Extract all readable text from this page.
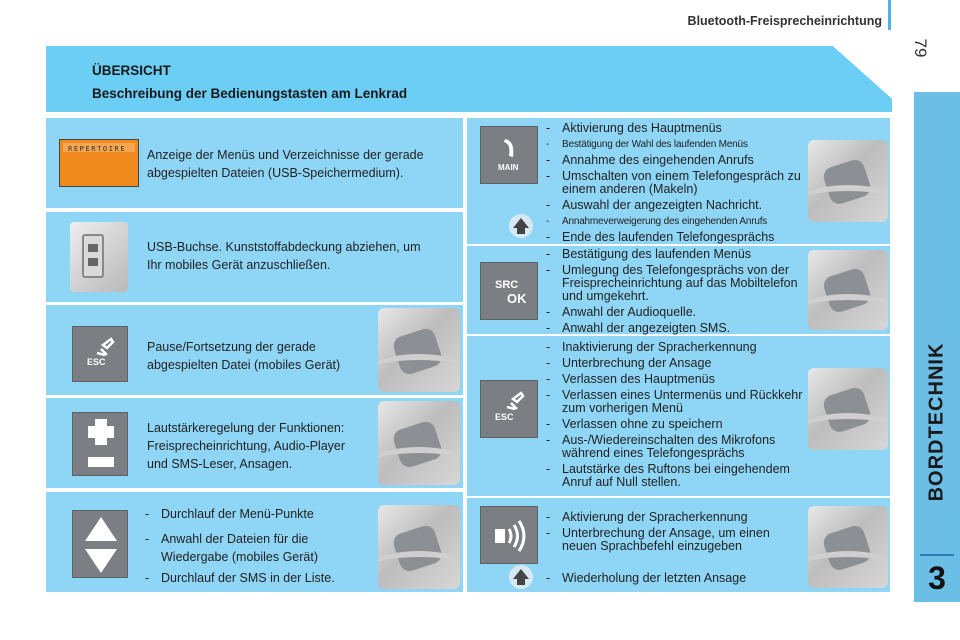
Bluetooth-Freisprecheinrichtung
79
BORDTECHNIK
3
ÜBERSICHT
Beschreibung der Bedienungstasten am Lenkrad
REPERTOIRE Anzeige der Menüs und Verzeichnisse der gerade
abgespielten Dateien (USB-Speichermedium).
USB-Buchse. Kunststoffabdeckung abziehen, um
Ihr mobiles Gerät anzuschließen.
ESC
Pause/Fortsetzung der gerade
abgespielten Datei (mobiles Gerät)
Lautstärkeregelung der Funktionen:
Freisprecheinrichtung, Audio-Player
und SMS-Leser, Ansagen.
- Durchlauf der Menü-Punkte
- Anwahl der Dateien für die Wiedergabe (mobiles Gerät)
- Durchlauf der SMS in der Liste.
MAIN
- Aktivierung des Hauptmenüs
- Bestätigung der Wahl des laufenden Menüs
- Annahme des eingehenden Anrufs
- Umschalten von einem Telefongespräch zu einem anderen (Makeln)
- Auswahl der angezeigten Nachricht.
- Annahmeverweigerung des eingehenden Anrufs
- Ende des laufenden Telefongesprächs
SRC
OK
- Bestätigung des laufenden Menüs
- Umlegung des Telefongesprächs von der Freisprecheinrichtung auf das Mobiltelefon und umgekehrt.
- Anwahl der Audioquelle.
- Anwahl der angezeigten SMS.
ESC
- Inaktivierung der Spracherkennung
- Unterbrechung der Ansage
- Verlassen des Hauptmenüs
- Verlassen eines Untermenüs und Rückkehr zum vorherigen Menü
- Verlassen ohne zu speichern
- Aus-/Wiedereinschalten des Mikrofons während eines Telefongesprächs
- Lautstärke des Ruftons bei eingehendem Anruf auf Null stellen.
- Aktivierung der Spracherkennung
- Unterbrechung der Ansage, um einen neuen Sprachbefehl einzugeben
- Wiederholung der letzten Ansage
